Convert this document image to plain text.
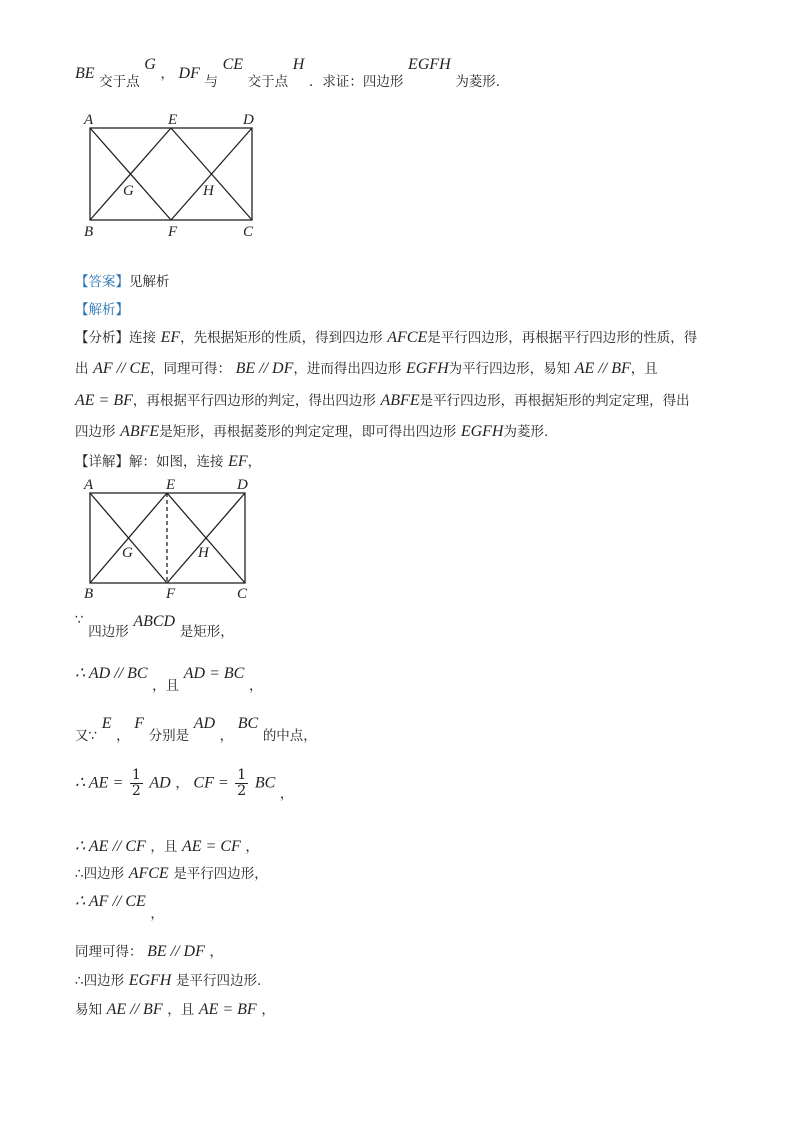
BE 交于点 G ， DF 与 CE 交于点 H ．求证：四边形 EGFH 为菱形.
A	E	D
G	H
B	F	C
【答案】见解析
【解析】
【分析】连接 EF，先根据矩形的性质，得到四边形 AFCE是平行四边形，再根据平行四边形的性质，得
出 AF // CE，同理可得： BE // DF，进而得出四边形 EGFH为平行四边形，易知 AE // BF，且
AE = BF，再根据平行四边形的判定，得出四边形 ABFE是平行四边形，再根据矩形的判定定理，得出
四边形 ABFE是矩形，再根据菱形的判定定理，即可得出四边形 EGFH为菱形.
【详解】解：如图，连接 EF，
A	E	D
G	H
B	F	C
∵ 四边形 ABCD 是矩形，
∴ AD // BC ，且 AD = BC ，
又∵ E ， F 分别是 AD ， BC 的中点，
∴ AE = $\frac{1}{2}$ AD ， CF = $\frac{1}{2}$ BC ，
∴ AE // CF ，且 AE = CF ，
∴四边形 AFCE 是平行四边形，
∴ AF // CE ，
同理可得： BE // DF ，
∴四边形 EGFH 是平行四边形.
易知 AE // BF ，且 AE = BF ，
